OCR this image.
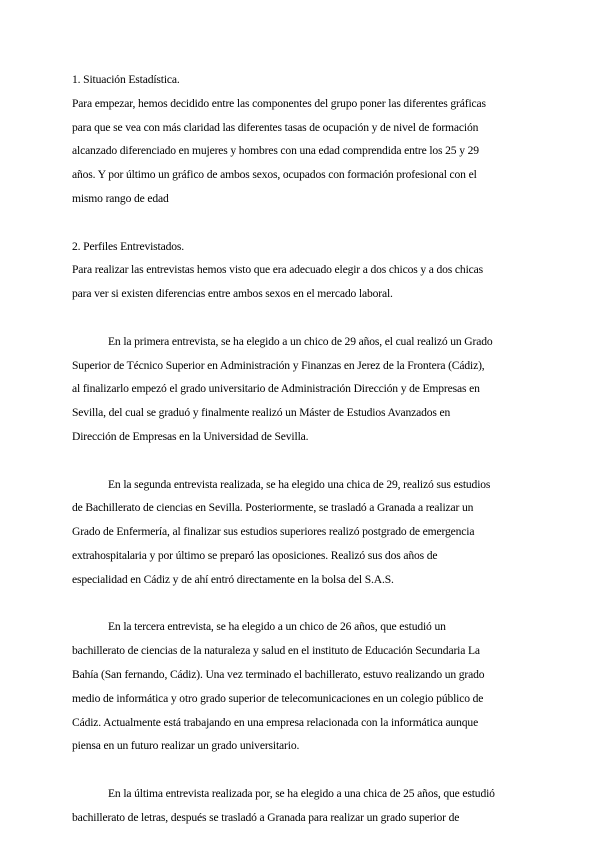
1. Situación Estadística.
Para empezar, hemos decidido entre las componentes del grupo poner las diferentes gráficas
para que se vea con más claridad las diferentes tasas de ocupación y de nivel de formación
alcanzado diferenciado en mujeres y hombres con una edad comprendida entre los 25 y 29
años. Y por último un gráfico de ambos sexos, ocupados con formación profesional con el
mismo rango de edad
2. Perfiles Entrevistados.
Para realizar las entrevistas hemos visto que era adecuado elegir a dos chicos y a dos chicas
para ver si existen diferencias entre ambos sexos en el mercado laboral.
En la primera entrevista, se ha elegido a un chico de 29 años, el cual realizó un Grado
Superior de Técnico Superior en Administración y Finanzas en Jerez de la Frontera (Cádiz),
al finalizarlo empezó el grado universitario de Administración Dirección y de Empresas en
Sevilla, del cual se graduó y finalmente realizó un Máster de Estudios Avanzados en
Dirección de Empresas en la Universidad de Sevilla.
En la segunda entrevista realizada, se ha elegido una chica de 29, realizó sus estudios
de Bachillerato de ciencias en Sevilla. Posteriormente, se trasladó a Granada a realizar un
Grado de Enfermería, al finalizar sus estudios superiores realizó postgrado de emergencia
extrahospitalaria y por último se preparó las oposiciones. Realizó sus dos años de
especialidad en Cádiz y de ahí entró directamente en la bolsa del S.A.S.
En la tercera entrevista, se ha elegido a un chico de 26 años, que estudió un
bachillerato de ciencias de la naturaleza y salud en el instituto de Educación Secundaria La
Bahía (San fernando, Cádiz). Una vez terminado el bachillerato, estuvo realizando un grado
medio de informática y otro grado superior de telecomunicaciones en un colegio público de
Cádiz. Actualmente está trabajando en una empresa relacionada con la informática aunque
piensa en un futuro realizar un grado universitario.
En la última entrevista realizada por, se ha elegido a una chica de 25 años, que estudió
bachillerato de letras, después se trasladó a Granada para realizar un grado superior de
